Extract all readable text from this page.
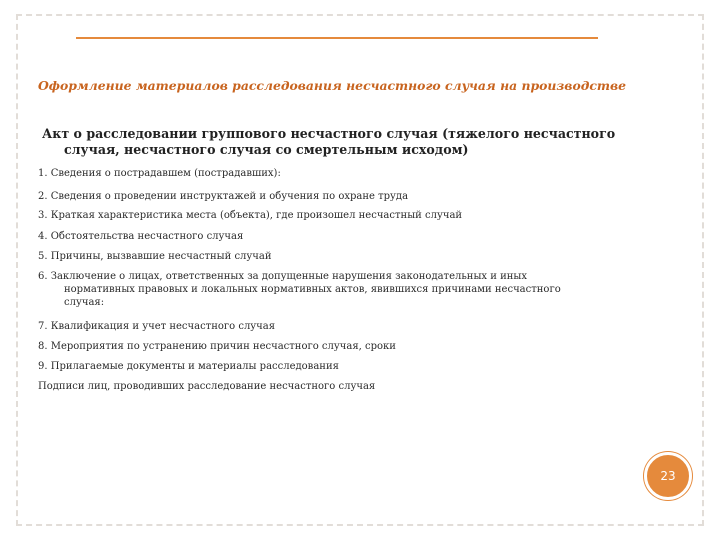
Оформление материалов расследования несчастного случая на производстве
Акт о расследовании группового несчастного случая (тяжелого несчастного
случая, несчастного случая со смертельным исходом)
1. Сведения о пострадавшем (пострадавших):
2. Сведения о проведении инструктажей и обучения по охране труда
3. Краткая характеристика места (объекта), где произошел несчастный случай
4. Обстоятельства несчастного случая
5. Причины, вызвавшие несчастный случай
6. Заключение о лицах, ответственных за допущенные нарушения законодательных и иных
нормативных правовых и локальных нормативных актов, явившихся причинами несчастного
случая:
7. Квалификация и учет несчастного случая
8. Мероприятия по устранению причин несчастного случая, сроки
9. Прилагаемые документы и материалы расследования
Подписи лиц, проводивших расследование несчастного случая
23
